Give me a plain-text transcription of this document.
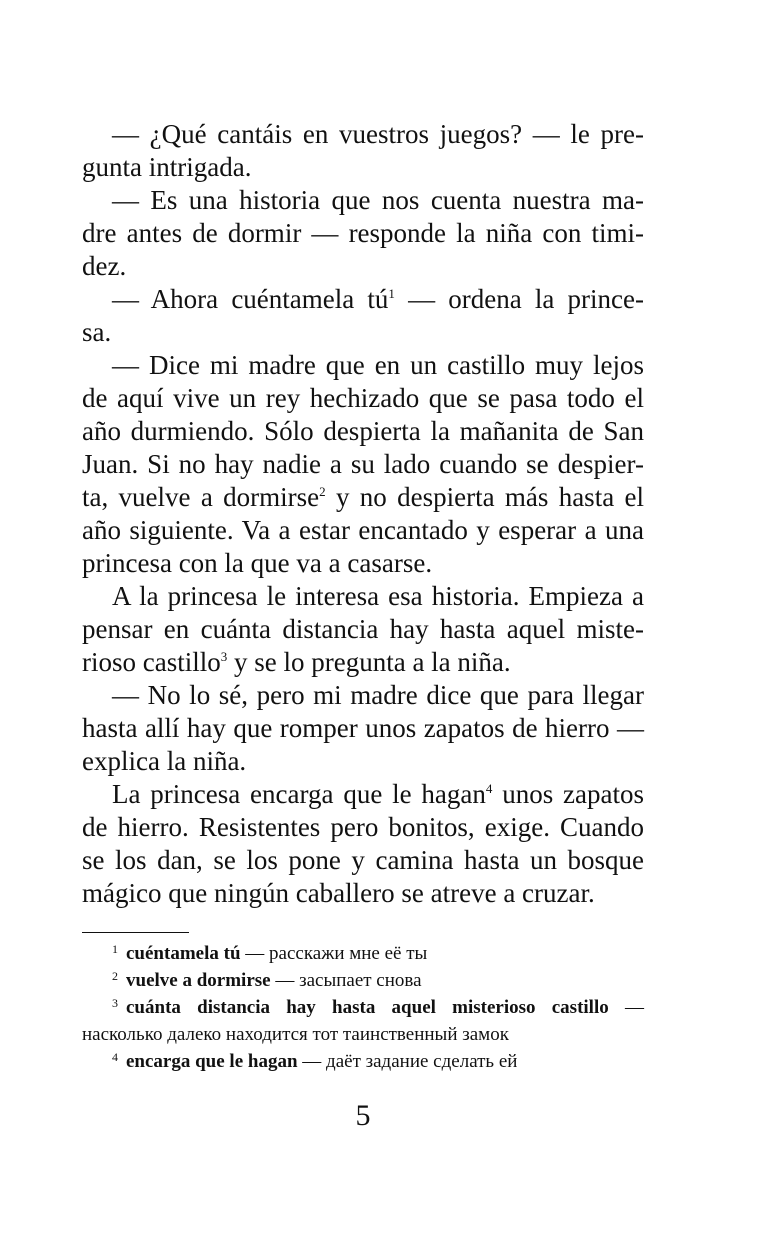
— ¿Qué cantáis en vuestros juegos? — le pre-
gunta intrigada.
— Es una historia que nos cuenta nuestra ma-
dre antes de dormir — responde la niña con timi-
dez.
— Ahora cuéntamela $tú^1$ — ordena la prince-
sa.
— Dice mi madre que en un castillo muy lejos
de aquí vive un rey hechizado que se pasa todo el
año durmiendo. Sólo despierta la mañanita de San
Juan. Si no hay nadie a su lado cuando se despier-
ta, vuelve a dormirse$^2$ y no despierta más hasta el
año siguiente. Va a estar encantado y esperar a una
princesa con la que va a casarse.
A la princesa le interesa esa historia. Empieza a
pensar en cuánta distancia hay hasta aquel miste-
rioso castillo$^3$ y se lo pregunta a la niña.
— No lo sé, pero mi madre dice que para llegar
hasta allí hay que romper unos zapatos de hierro —
explica la niña.
La princesa encarga que le hagan$^4$ unos zapatos
de hierro. Resistentes pero bonitos, exige. Cuando
se los dan, se los pone y camina hasta un bosque
mágico que ningún caballero se atreve a cruzar.
$^1$ cuéntamela tú — расскажи мне её ты
$^2$ vuelve a dormirse — засыпает снова
$^3$ cuánta distancia hay hasta aquel misterioso castillo —
насколько далеко находится тот таинственный замок
$^4$ encarga que le hagan — даёт задание сделать ей
5
